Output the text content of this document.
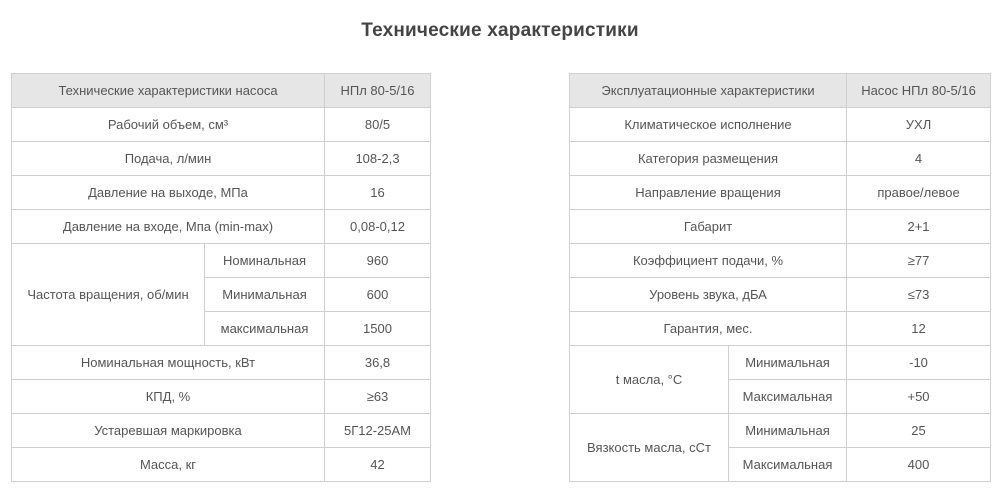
Технические характеристики
Технические характеристики насоса		НПл 80-5/16
Рабочий объем, см³		80/5
Подача, л/мин		108-2,3
Давление на выходе, МПа		16
Давление на входе, Мпа (min-max)		0,08-0,12
Частота вращения, об/мин	Номинальная	960
	Минимальная	600
	максимальная	1500
Номинальная мощность, кВт		36,8
КПД, %		≥63
Устаревшая маркировка		5Г12-25АМ
Масса, кг		42
Эксплуатационные характеристики		Насос НПл 80-5/16
Климатическое исполнение		УХЛ
Категория размещения		4
Направление вращения		правое/левое
Габарит		2+1
Коэффициент подачи, %		≥77
Уровень звука, дБА		≤73
Гарантия, мес.		12
t масла, °С	Минимальная	-10
	Максимальная	+50
Вязкость масла, сСт	Минимальная	25
	Максимальная	400
